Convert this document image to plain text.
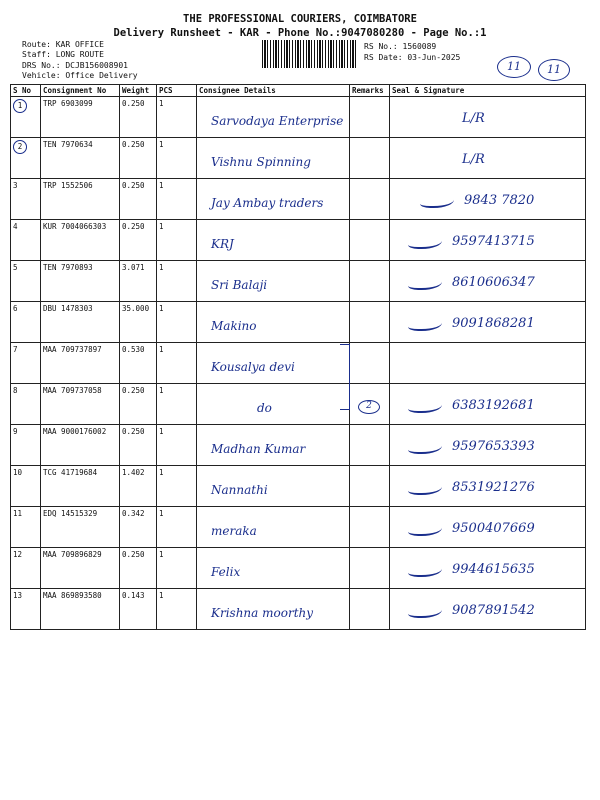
THE PROFESSIONAL COURIERS, COIMBATORE
Delivery Runsheet - KAR - Phone No.:9047080280 - Page No.:1
Route: KAR OFFICE
Staff: LONG ROUTE
DRS No.: DCJB156008901
Vehicle: Office Delivery
RS No.: 1560089
RS Date: 03-Jun-2025
11	11
S No	Consignment No	Weight	PCS	Consignee Details	Remarks	Seal & Signature
1	TRP 6903099	0.250	1	Sarvodaya Enterprise		L/R

2	TEN 7970634	0.250	1	Vishnu Spinning		L/R

3	TRP 1552506	0.250	1	Jay Ambay traders		9843 7820

4	KUR 7004066303	0.250	1	KRJ		9597413715

5	TEN 7970893	3.071	1	Sri Balaji		8610606347

6	DBU 1478303	35.000	1	Makino		9091868281

7	MAA 709737897	0.530	1	Kousalya devi		

8	MAA 709737058	0.250	1	do	2	6383192681

9	MAA 9000176002	0.250	1	Madhan Kumar		9597653393

10	TCG 41719684	1.402	1	Nannathi		8531921276

11	EDQ 14515329	0.342	1	meraka		9500407669

12	MAA 709896829	0.250	1	Felix		9944615635

13	MAA 869893580	0.143	1	Krishna moorthy		9087891542
